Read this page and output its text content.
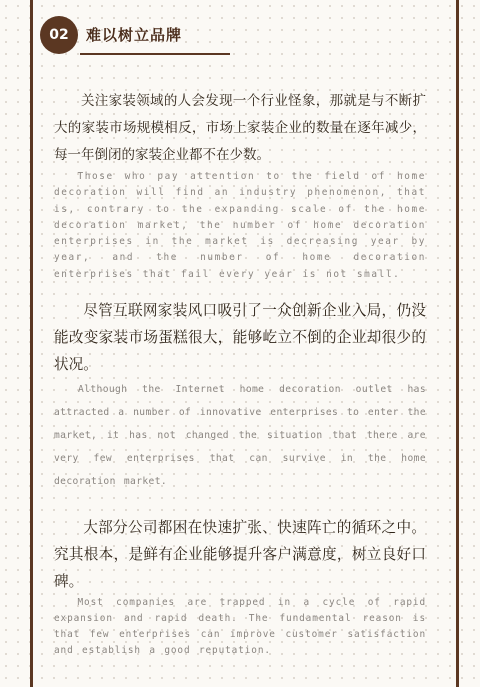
02	难以树立品牌

关注家装领域的人会发现一个行业怪象，那就是与不断扩大的家装市场规模相反，市场上家装企业的数量在逐年减少，每一年倒闭的家装企业都不在少数。

Those who pay attention to the field of home decoration will find an industry phenomenon, that is, contrary to the expanding scale of the home decoration market, the number of home decoration enterprises in the market is decreasing year by year, and the number of home decoration enterprises that fail every year is not small.

尽管互联网家装风口吸引了一众创新企业入局，仍没能改变家装市场蛋糕很大，能够屹立不倒的企业却很少的状况。

Although the Internet home decoration outlet has attracted a number of innovative enterprises to enter the market, it has not changed the situation that there are very few enterprises that can survive in the home decoration market.

大部分公司都困在快速扩张、快速阵亡的循环之中。究其根本，是鲜有企业能够提升客户满意度，树立良好口碑。

Most companies are trapped in a cycle of rapid expansion and rapid death. The fundamental reason is that few enterprises can improve customer satisfaction and establish a good reputation.
